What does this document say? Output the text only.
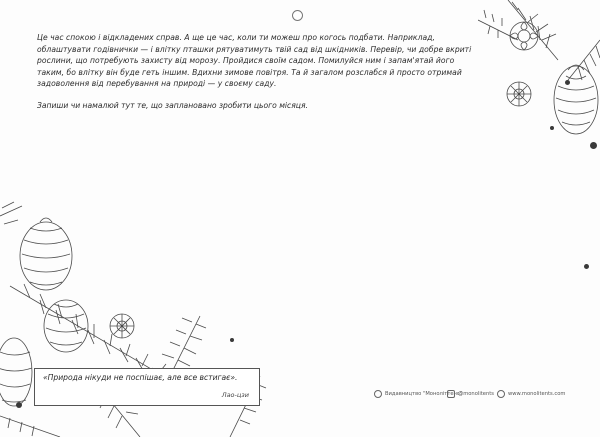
Це час спокою і відкладених справ. А ще це час, коли ти можеш про когось подбати. Наприклад, облаштувати годівнички — і влітку пташки рятуватимуть твій сад від шкідників. Перевір, чи добре вкриті рослини, що потребують захисту від морозу. Пройдися своїм садом. Помилуйся ним і запам'ятай його таким, бо влітку він буде геть іншим. Вдихни зимове повітря. Та й загалом розслабся й просто отримай задоволення від перебування на природі — у своєму саду.
Запиши чи намалюй тут те, що заплановано зробити цього місяця.
«Природа нікуди не поспішає, але все встигає».
Лао-цзи	Видавництво "Моноліттенс"
@monolitents	www.monolitents.com
